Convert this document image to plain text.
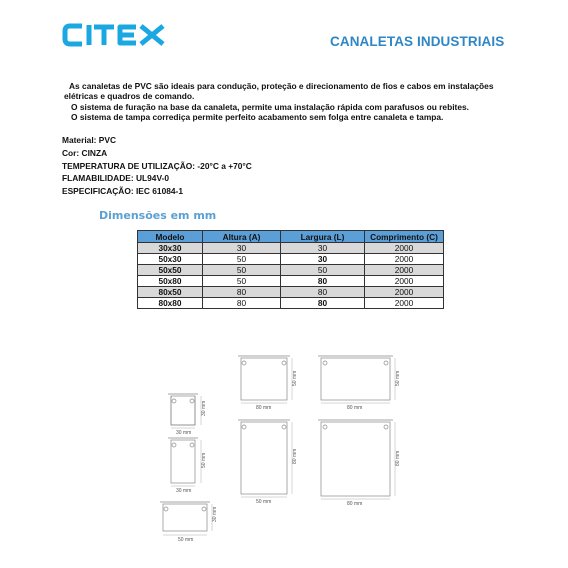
CANALETAS INDUSTRIAIS

As canaletas de PVC são ideais para condução, proteção e direcionamento de fios e cabos em instalações

elétricas e quadros de comando.

O sistema de furação na base da canaleta, permite uma instalação rápida com parafusos ou rebites.

O sistema de tampa corrediça permite perfeito acabamento sem folga entre canaleta e tampa.

Material: PVC
Cor: CINZA
TEMPERATURA DE UTILIZAÇÃO: -20°C a +70°C
FLAMABILIDADE: UL94V-0
ESPECIFICAÇÃO: IEC 61084-1
Dimensões em mm
Modelo	Altura (A)	Largura (L)	Comprimento (C)
30x30	30	30	2000
50x30	50	30	2000
50x50	50	50	2000
50x80	50	80	2000
80x50	80	80	2000
80x80	80	80	2000
30 mm
30 mm
30 mm
50 mm
50 mm
30 mm
80 mm
50 mm
50 mm
80 mm
80 mm
50 mm
80 mm
80 mm
